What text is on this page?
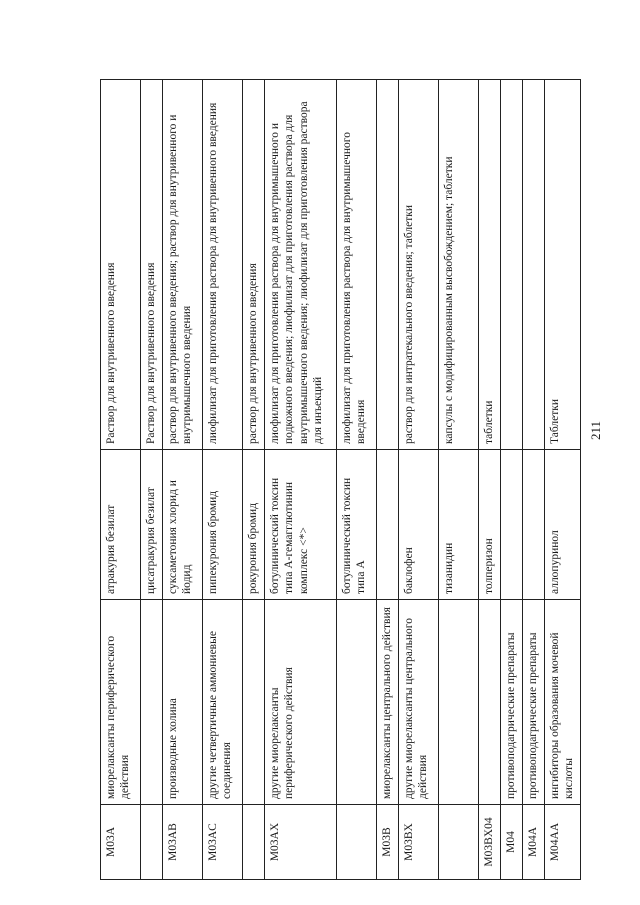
M03A	миорелаксанты периферического действия	атракурия безилат	Раствор для внутривенного введения
		цисатракурия безилат	Раствор для внутривенного введения
M03AB	производные холина	суксаметония хлорид и йодид	раствор для внутривенного введения; раствор для внутривенного и внутримышечного введения
M03AC	другие четвертичные аммониевые соединения	пипекурония бромид	лиофилизат для приготовления раствора для внутривенного введения
		рокурония бромид	раствор для внутривенного введения
M03AX	другие миорелаксанты периферического действия	ботулинический токсин типа А-гемагглютинин комплекс <*>	лиофилизат для приготовления раствора для внутримышечного и подкожного введения; лиофилизат для приготовления раствора для внутримышечного введения; лиофилизат для приготовления раствора для инъекций
		ботулинический токсин типа А	лиофилизат для приготовления раствора для внутримышечного введения
M03B	миорелаксанты центрального действия		
M03BX	другие миорелаксанты центрального действия	баклофен	раствор для интратекального введения; таблетки
		тизанидин	капсулы с модифицированным высвобождением; таблетки
M03BX04		толперизон	таблетки
M04	противоподагрические препараты		
M04A	противоподагрические препараты		
M04AA	ингибиторы образования мочевой кислоты	аллопуринол	Таблетки 211
